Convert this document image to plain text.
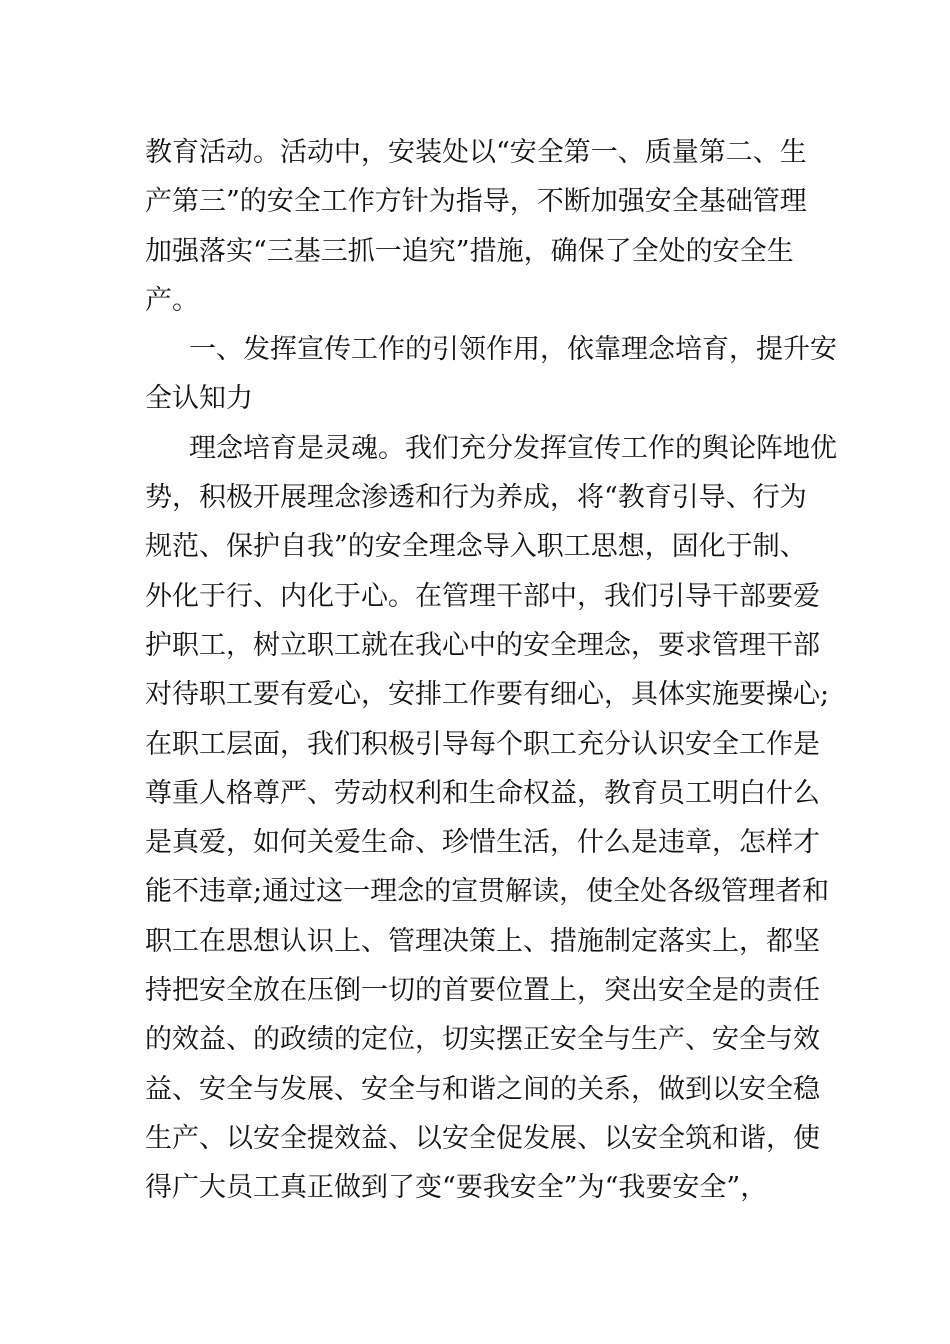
教育活动。活动中，安装处以“安全第一、质量第二、生
产第三”的安全工作方针为指导，不断加强安全基础管理
加强落实“三基三抓一追究”措施，确保了全处的安全生
产。
一、发挥宣传工作的引领作用，依靠理念培育，提升安
全认知力
理念培育是灵魂。我们充分发挥宣传工作的舆论阵地优
势，积极开展理念渗透和行为养成，将“教育引导、行为
规范、保护自我”的安全理念导入职工思想，固化于制、
外化于行、内化于心。在管理干部中，我们引导干部要爱
护职工，树立职工就在我心中的安全理念，要求管理干部
对待职工要有爱心，安排工作要有细心，具体实施要操心;
在职工层面，我们积极引导每个职工充分认识安全工作是
尊重人格尊严、劳动权利和生命权益，教育员工明白什么
是真爱，如何关爱生命、珍惜生活，什么是违章，怎样才
能不违章;通过这一理念的宣贯解读，使全处各级管理者和
职工在思想认识上、管理决策上、措施制定落实上，都坚
持把安全放在压倒一切的首要位置上，突出安全是的责任
的效益、的政绩的定位，切实摆正安全与生产、安全与效
益、安全与发展、安全与和谐之间的关系，做到以安全稳
生产、以安全提效益、以安全促发展、以安全筑和谐，使
得广大员工真正做到了变“要我安全”为“我要安全”，
